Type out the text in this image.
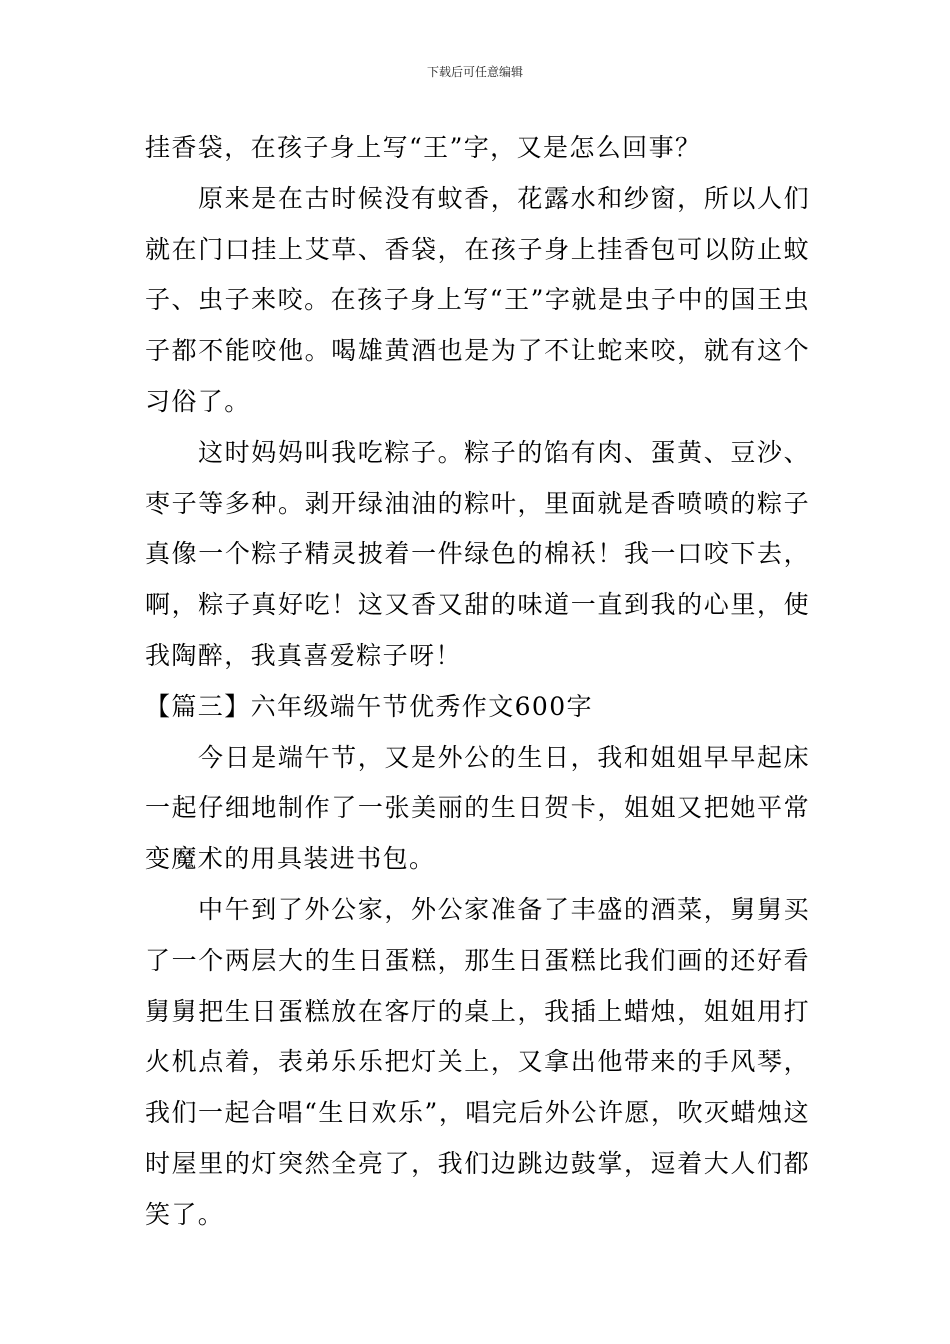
下载后可任意编辑

挂香袋，在孩子身上写“王”字，又是怎么回事？

原来是在古时候没有蚊香，花露水和纱窗，所以人们就在门口挂上艾草、香袋，在孩子身上挂香包可以防止蚊子、虫子来咬。在孩子身上写“王”字就是虫子中的国王虫子都不能咬他。喝雄黄酒也是为了不让蛇来咬，就有这个习俗了。

这时妈妈叫我吃粽子。粽子的馅有肉、蛋黄、豆沙、枣子等多种。剥开绿油油的粽叶，里面就是香喷喷的粽子真像一个粽子精灵披着一件绿色的棉袄！我一口咬下去，啊，粽子真好吃！这又香又甜的味道一直到我的心里，使我陶醉，我真喜爱粽子呀！

【篇三】六年级端午节优秀作文600字

今日是端午节，又是外公的生日，我和姐姐早早起床一起仔细地制作了一张美丽的生日贺卡，姐姐又把她平常变魔术的用具装进书包。

中午到了外公家，外公家准备了丰盛的酒菜，舅舅买了一个两层大的生日蛋糕，那生日蛋糕比我们画的还好看舅舅把生日蛋糕放在客厅的桌上，我插上蜡烛，姐姐用打火机点着，表弟乐乐把灯关上，又拿出他带来的手风琴，我们一起合唱“生日欢乐”，唱完后外公许愿，吹灭蜡烛这时屋里的灯突然全亮了，我们边跳边鼓掌，逗着大人们都笑了。
